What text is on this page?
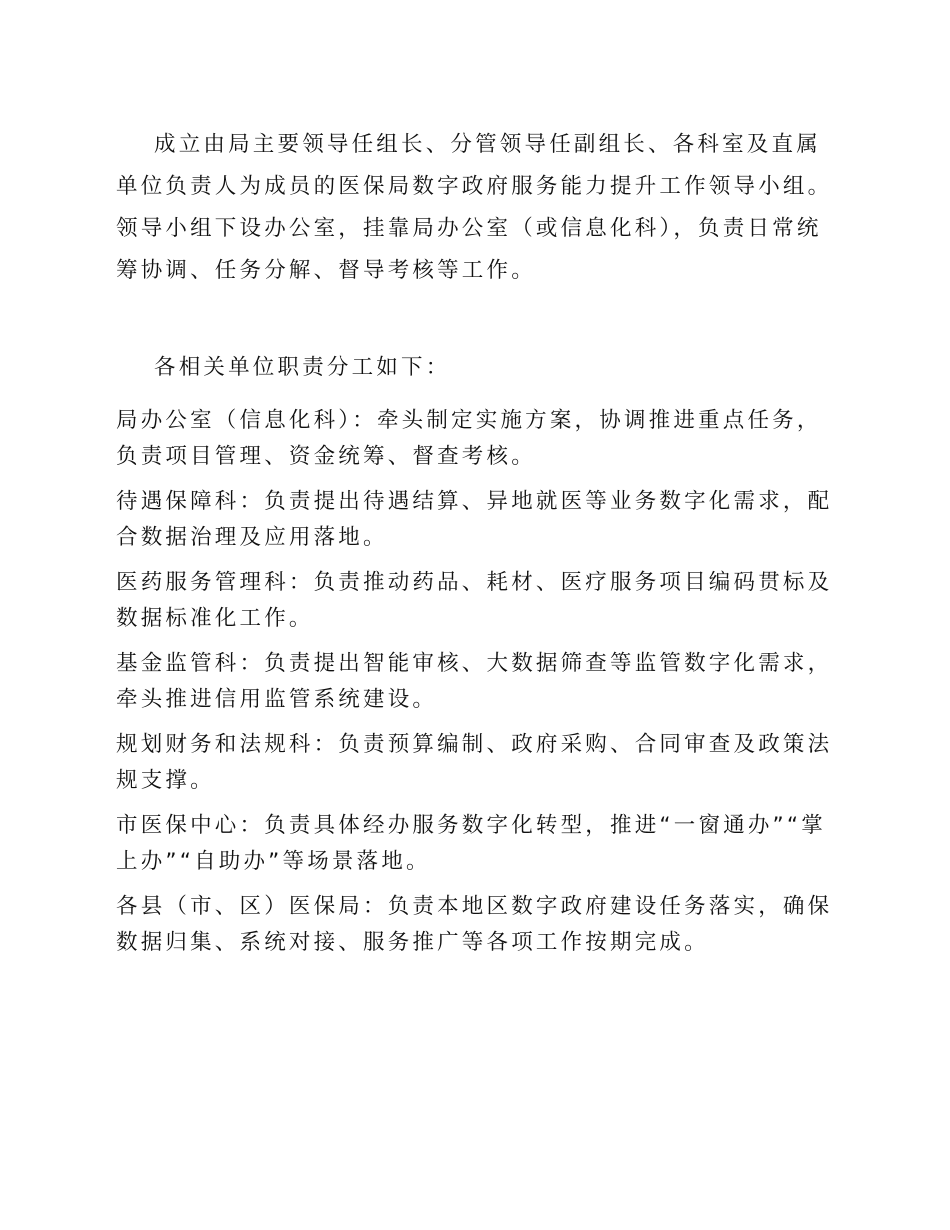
成立由局主要领导任组长、分管领导任副组长、各科室及直属单位负责人为成员的医保局数字政府服务能力提升工作领导小组。领导小组下设办公室，挂靠局办公室（或信息化科），负责日常统筹协调、任务分解、督导考核等工作。

各相关单位职责分工如下：

局办公室（信息化科）：牵头制定实施方案，协调推进重点任务，负责项目管理、资金统筹、督查考核。

待遇保障科：负责提出待遇结算、异地就医等业务数字化需求，配合数据治理及应用落地。

医药服务管理科：负责推动药品、耗材、医疗服务项目编码贯标及数据标准化工作。

基金监管科：负责提出智能审核、大数据筛查等监管数字化需求，牵头推进信用监管系统建设。

规划财务和法规科：负责预算编制、政府采购、合同审查及政策法规支撑。

市医保中心：负责具体经办服务数字化转型，推进“一窗通办”“掌上办”“自助办”等场景落地。

各县（市、区）医保局：负责本地区数字政府建设任务落实，确保数据归集、系统对接、服务推广等各项工作按期完成。
